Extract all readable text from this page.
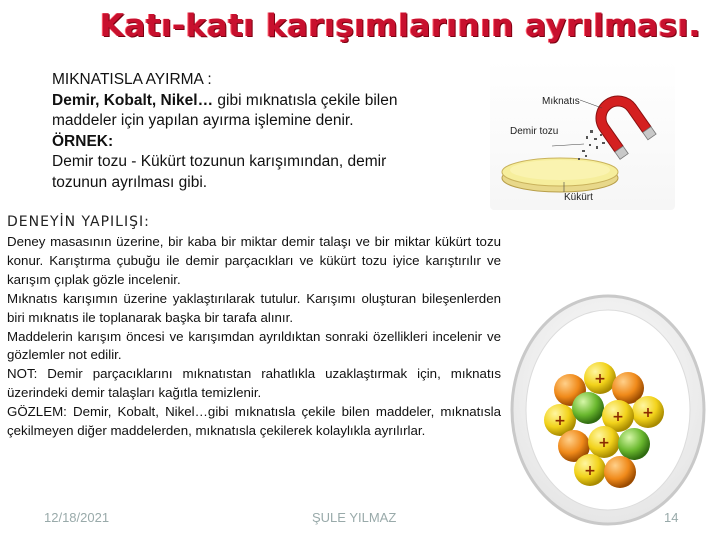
Katı-katı karışımlarının ayrılması.
MIKNATISLA AYIRMA :
Demir, Kobalt, Nikel… gibi mıknatısla çekile bilen
maddeler için yapılan ayırma işlemine denir.
ÖRNEK:
Demir tozu - Kükürt tozunun karışımından, demir
tozunun ayrılması gibi.
Mıknatıs
Demir tozu
Kükürt
DENEYİN YAPILIŞI:

Deney masasının üzerine, bir kaba bir miktar demir talaşı ve bir miktar kükürt tozu konur. Karıştırma çubuğu ile demir parçacıkları ve kükürt tozu iyice karıştırılır ve karışım çıplak gözle incelenir.

Mıknatıs karışımın üzerine yaklaştırılarak tutulur. Karışımı oluşturan bileşenlerden biri mıknatıs ile toplanarak başka bir tarafa alınır.

Maddelerin karışım öncesi ve karışımdan ayrıldıktan sonraki özellikleri incelenir ve gözlemler not edilir.

NOT: Demir parçacıklarını mıknatıstan rahatlıkla uzaklaştırmak için, mıknatıs üzerindeki demir talaşları kağıtla temizlenir.

GÖZLEM: Demir, Kobalt, Nikel…gibi mıknatısla çekile bilen maddeler, mıknatısla çekilmeyen diğer maddelerden, mıknatısla çekilerek kolaylıkla ayrılırlar.

+
+
+	+
+
+
12/18/2021	ŞULE YILMAZ	14
